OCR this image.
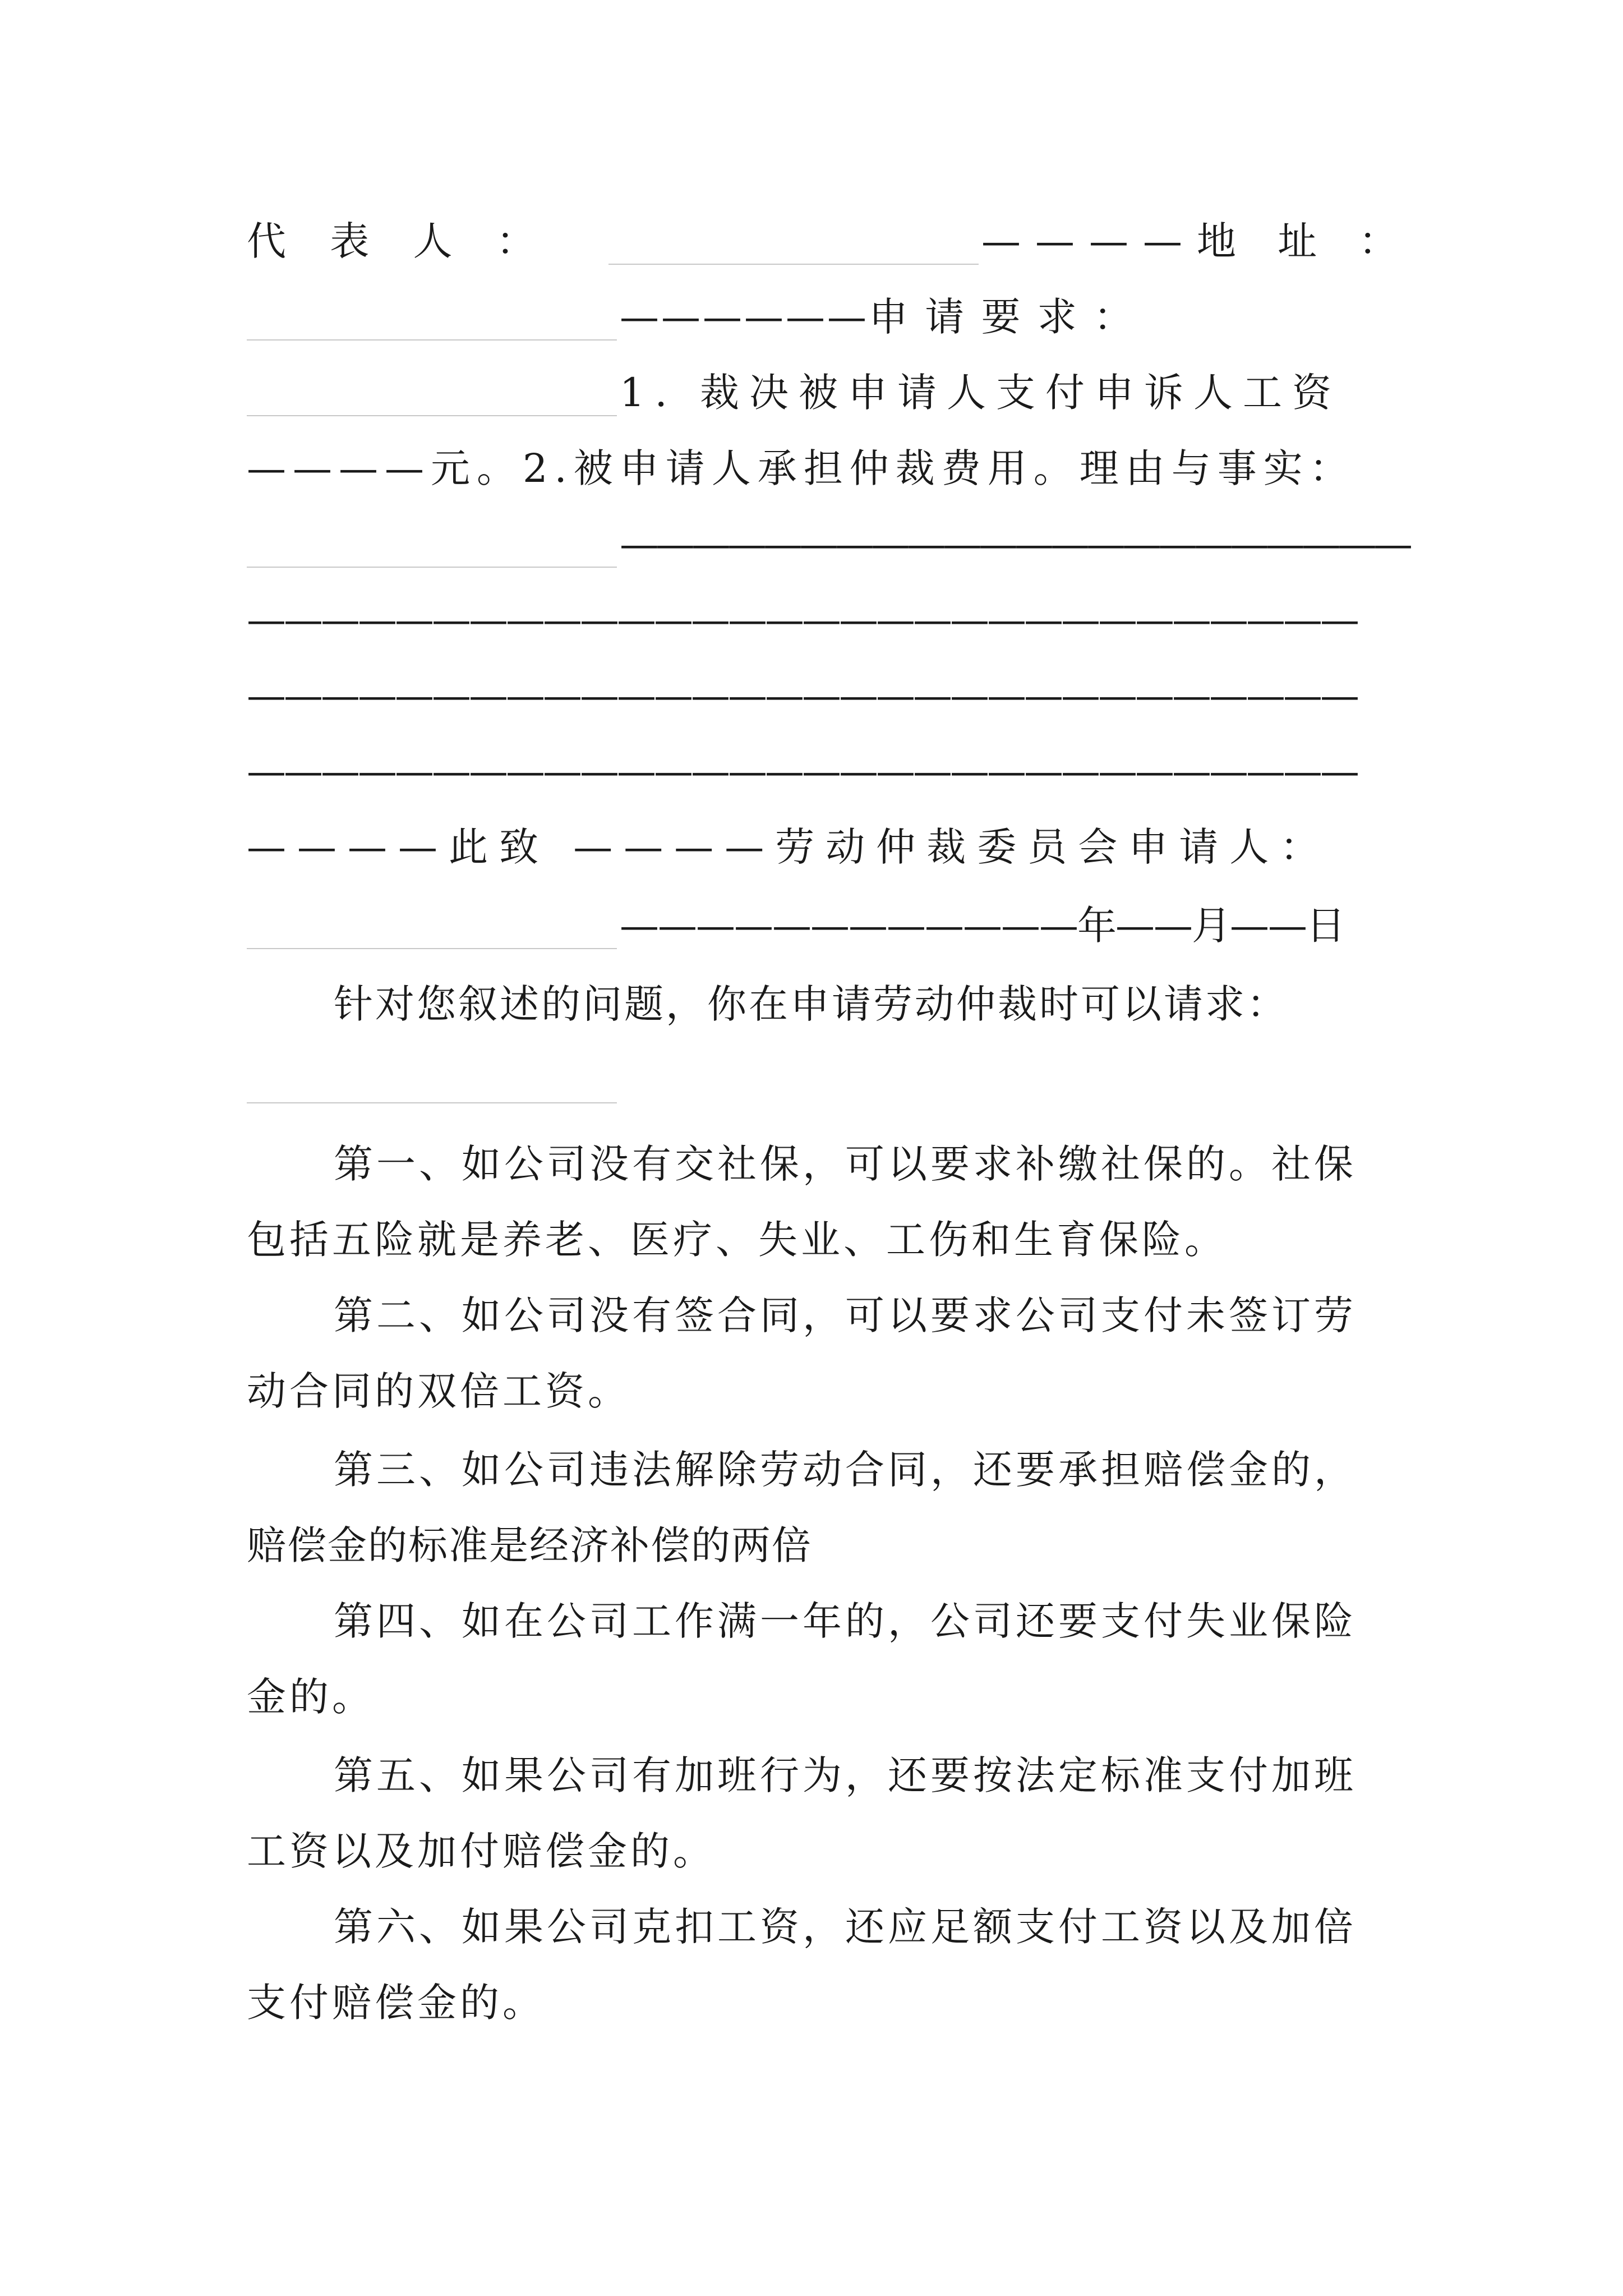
代 表 人 ：	————地 址 ：
——————申 请 要 求 ：
1. 裁决被申请人支付申诉人工资
————元。2.被申请人承担仲裁费用。理由与事实：
——————————————————————
——————————————————————————————
——————————————————————————————
——————————————————————————————
————此致 ————劳动仲裁委员会申请人：
————————————年——月——日
针对您叙述的问题，你在申请劳动仲裁时可以请求：
第一、如公司没有交社保，可以要求补缴社保的。社保
包括五险就是养老、医疗、失业、工伤和生育保险。
第二、如公司没有签合同，可以要求公司支付未签订劳
动合同的双倍工资。
第三、如公司违法解除劳动合同，还要承担赔偿金的，
赔偿金的标准是经济补偿的两倍
第四、如在公司工作满一年的，公司还要支付失业保险
金的。
第五、如果公司有加班行为，还要按法定标准支付加班
工资以及加付赔偿金的。
第六、如果公司克扣工资，还应足额支付工资以及加倍
支付赔偿金的。
